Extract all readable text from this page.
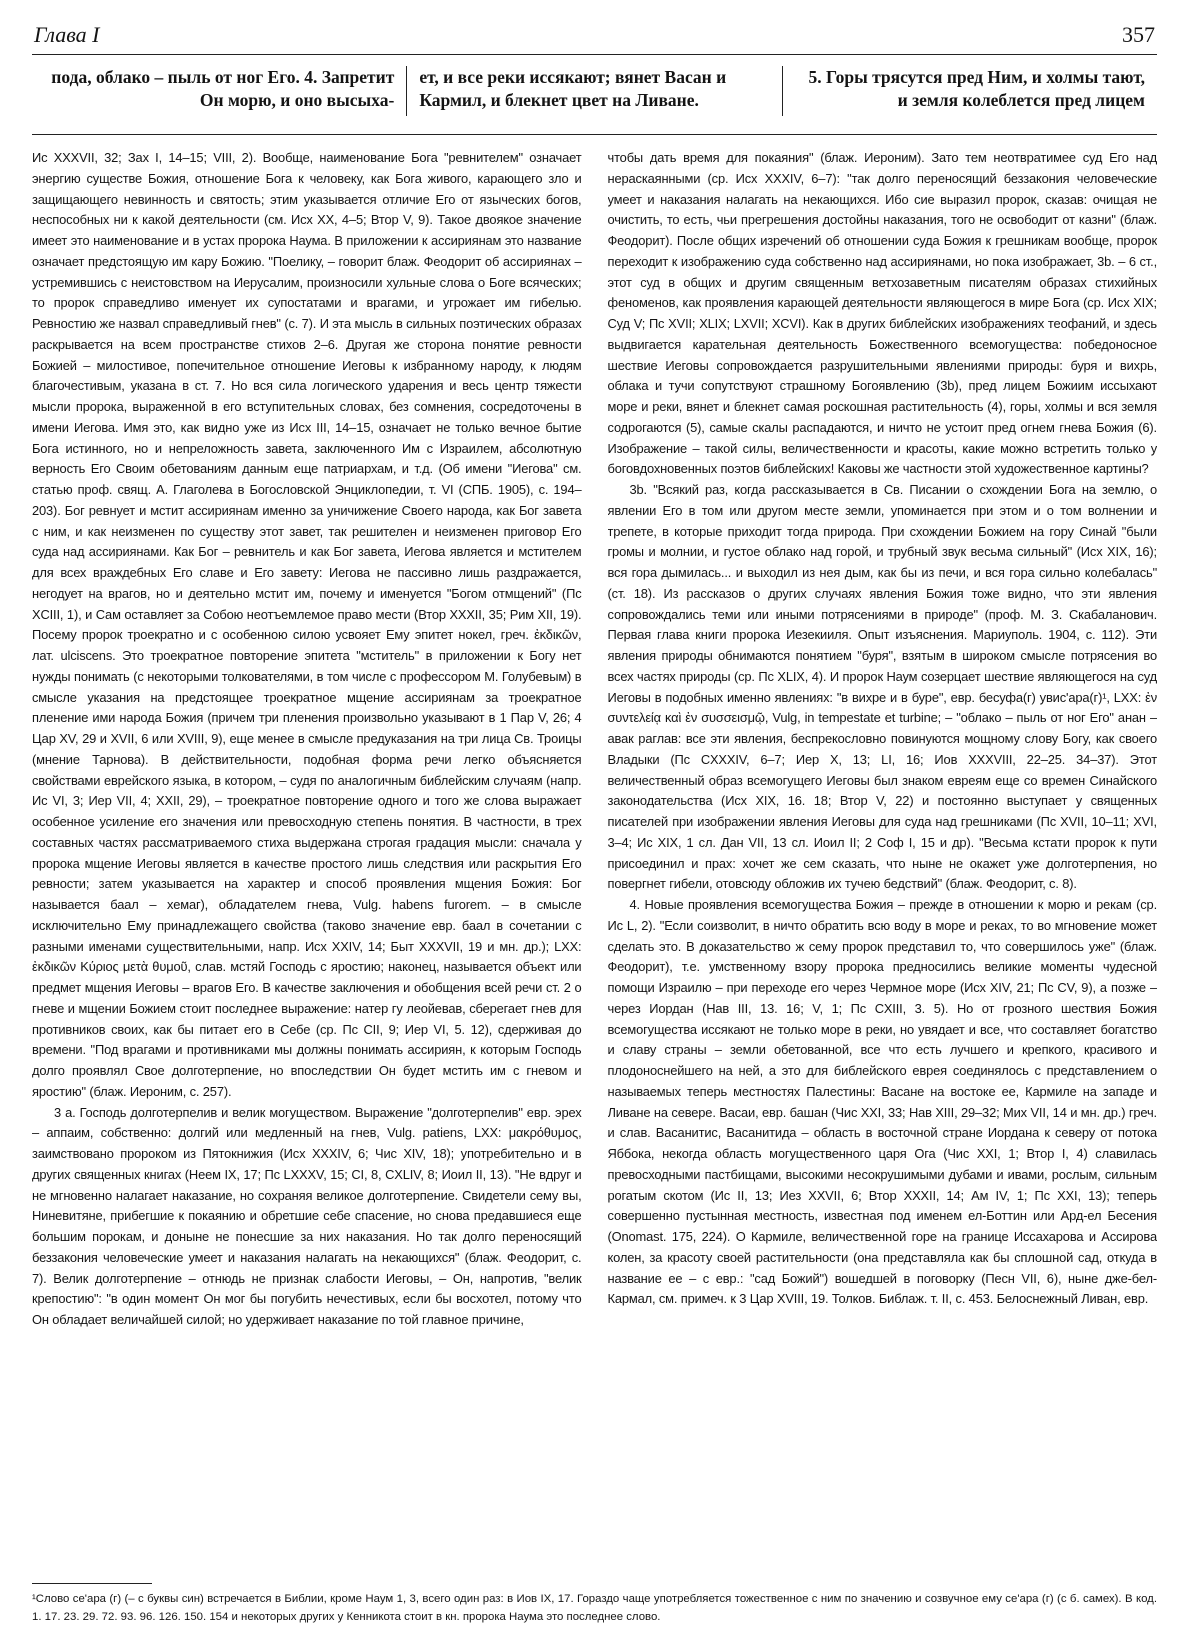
Глава I	357
пода, облако – пыль от ног Его. 4. Запретит Он морю, и оно высыха-
ет, и все реки иссякают; вянет Васан и Кармил, и блекнет цвет на Ливане.
5. Горы трясутся пред Ним, и холмы тают, и земля колеблется пред лицем

Ис XXXVII, 32; Зах I, 14–15; VIII, 2). Вообще, наименование Бога "ревнителем" означает энергию существе Божия, отношение Бога к человеку, как Бога живого, карающего зло и защищающего невинность и святость; этим указывается отличие Его от языческих богов, неспособных ни к какой деятельности (см. Исх XX, 4–5; Втор V, 9). Такое двоякое значение имеет это наименование и в устах пророка Наума. В приложении к ассириянам это название означает предстоящую им кару Божию. "Поелику, – говорит блаж. Феодорит об ассириянах – устремившись с неистовством на Иерусалим, произносили хульные слова о Боге всяческих; то пророк справедливо именует их супостатами и врагами, и угрожает им гибелью. Ревностию же назвал справедливый гнев" (с. 7). И эта мысль в сильных поэтических образах раскрывается на всем пространстве стихов 2–6. Другая же сторона понятие ревности Божией – милостивое, попечительное отношение Иеговы к избранному народу, к людям благочестивым, указана в ст. 7. Но вся сила логического ударения и весь центр тяжести мысли пророка, выраженной в его вступительных словах, без сомнения, сосредоточены в имени Иегова. Имя это, как видно уже из Исх III, 14–15, означает не только вечное бытие Бога истинного, но и непреложность завета, заключенного Им с Израилем, абсолютную верность Его Своим обетованиям данным еще патриархам, и т.д. (Об имени "Иегова" см. статью проф. свящ. А. Глаголева в Богословской Энциклопедии, т. VI (СПБ. 1905), с. 194–203). Бог ревнует и мстит ассириянам именно за уничижение Своего народа, как Бог завета с ним, и как неизменен по существу этот завет, так решителен и неизменен приговор Его суда над ассириянами. Как Бог – ревнитель и как Бог завета, Иегова является и мстителем для всех враждебных Его славе и Его завету: Иегова не пассивно лишь раздражается, негодует на врагов, но и деятельно мстит им, почему и именуется "Богом отмщений" (Пс XCIII, 1), и Сам оставляет за Собою неотъемлемое право мести (Втор XXXII, 35; Рим XII, 19). Посему пророк троекратно и с особенною силою усвояет Ему эпитет нокел, греч. ἐκδικῶν, лат. ulciscens. Это троекратное повторение эпитета "мститель" в приложении к Богу нет нужды понимать (с некоторыми толкователями, в том числе с профессором М. Голубевым) в смысле указания на предстоящее троекратное мщение ассириянам за троекратное пленение ими народа Божия (причем три пленения произвольно указывают в 1 Пар V, 26; 4 Цар XV, 29 и XVII, 6 или XVIII, 9), еще менее в смысле предуказания на три лица Св. Троицы (мнение Тарнова). В действительности, подобная форма речи легко объясняется свойствами еврейского языка, в котором, – судя по аналогичным библейским случаям (напр. Ис VI, 3; Иер VII, 4; XXII, 29), – троекратное повторение одного и того же слова выражает особенное усиление его значения или превосходную степень понятия. В частности, в трех составных частях рассматриваемого стиха выдержана строгая градация мысли: сначала у пророка мщение Иеговы является в качестве простого лишь следствия или раскрытия Его ревности; затем указывается на характер и способ проявления мщения Божия: Бог называется баал – хемаг), обладателем гнева, Vulg. habens furorem. – в смысле исключительно Ему принадлежащего свойства (таково значение евр. баал в сочетании с разными именами существительными, напр. Исх XXIV, 14; Быт XXXVII, 19 и мн. др.); LXX: ἐκδικῶν Κύριος μετὰ θυμοῦ, слав. мстяй Господь с яростию; наконец, называется объект или предмет мщения Иеговы – врагов Его. В качестве заключения и обобщения всей речи ст. 2 о гневе и мщении Божием стоит последнее выражение: натер гу леойевав, сберегает гнев для противников своих, как бы питает его в Себе (ср. Пс CII, 9; Иер VI, 5. 12), сдерживая до времени. "Под врагами и противниками мы должны понимать ассириян, к которым Господь долго проявлял Свое долготерпение, но впоследствии Он будет мстить им с гневом и яростию" (блаж. Иероним, с. 257).

3 а. Господь долготерпелив и велик могуществом. Выражение "долготерпелив" евр. эрех – аппаим, собственно: долгий или медленный на гнев, Vulg. patiens, LXX: μακρόθυμος, заимствовано пророком из Пятокнижия (Исх XXXIV, 6; Чис XIV, 18); употребительно и в других священных книгах (Неем IX, 17; Пс LXXXV, 15; CI, 8, CXLIV, 8; Иоил II, 13). "Не вдруг и не мгновенно налагает наказание, но сохраняя великое долготерпение. Свидетели сему вы, Ниневитяне, прибегшие к покаянию и обретшие себе спасение, но снова предавшиеся еще большим порокам, и доныне не понесшие за них наказания. Но так долго переносящий беззакония человеческие умеет и наказания налагать на некающихся" (блаж. Феодорит, с. 7). Велик долготерпение – отнюдь не признак слабости Иеговы, – Он, напротив, "велик крепостию": "в один момент Он мог бы погубить нечестивых, если бы восхотел, потому что Он обладает величайшей силой; но удерживает наказание по той главное причине,

чтобы дать время для покаяния" (блаж. Иероним). Зато тем неотвратимее суд Его над нераскаянными (ср. Исх XXXIV, 6–7): "так долго переносящий беззакония человеческие умеет и наказания налагать на некающихся. Ибо сие выразил пророк, сказав: очищая не очистить, то есть, чьи прегрешения достойны наказания, того не освободит от казни" (блаж. Феодорит). После общих изречений об отношении суда Божия к грешникам вообще, пророк переходит к изображению суда собственно над ассириянами, но пока изображает, 3b. – 6 ст., этот суд в общих и другим священным ветхозаветным писателям образах стихийных феноменов, как проявления карающей деятельности являющегося в мире Бога (ср. Исх XIX; Суд V; Пс XVII; XLIX; LXVII; XCVI). Как в других библейских изображениях теофаний, и здесь выдвигается карательная деятельность Божественного всемогущества: победоносное шествие Иеговы сопровождается разрушительными явлениями природы: буря и вихрь, облака и тучи сопутствуют страшному Богоявлению (3b), пред лицем Божиим иссыхают море и реки, вянет и блекнет самая роскошная растительность (4), горы, холмы и вся земля содрогаются (5), самые скалы распадаются, и ничто не устоит пред огнем гнева Божия (6). Изображение – такой силы, величественности и красоты, какие можно встретить только у боговдохновенных поэтов библейских! Каковы же частности этой художественное картины?

3b. "Всякий раз, когда рассказывается в Св. Писании о схождении Бога на землю, о явлении Его в том или другом месте земли, упоминается при этом и о том волнении и трепете, в которые приходит тогда природа. При схождении Божием на гору Синай "были громы и молнии, и густое облако над горой, и трубный звук весьма сильный" (Исх XIX, 16); вся гора дымилась... и выходил из нея дым, как бы из печи, и вся гора сильно колебалась" (ст. 18). Из рассказов о других случаях явления Божия тоже видно, что эти явления сопровождались теми или иными потрясениями в природе" (проф. М. З. Скабаланович. Первая глава книги пророка Иезекииля. Опыт изъяснения. Мариуполь. 1904, с. 112). Эти явления природы обнимаются понятием "буря", взятым в широком смысле потрясения во всех частях природы (ср. Пс XLIX, 4). И пророк Наум созерцает шествие являющегося на суд Иеговы в подобных именно явлениях: "в вихре и в буре", евр. бесуфа(г) увис'ара(г)¹, LXX: ἐν συντελείᾳ καὶ ἐν συσσεισμῷ, Vulg, in tempestate et turbine; – "облако – пыль от ног Его" анан – авак раглав: все эти явления, беспрекословно повинуются мощному слову Богу, как своего Владыки (Пс CXXXIV, 6–7; Иер X, 13; LI, 16; Иов XXXVIII, 22–25. 34–37). Этот величественный образ всемогущего Иеговы был знаком евреям еще со времен Синайского законодательства (Исх XIX, 16. 18; Втор V, 22) и постоянно выступает у священных писателей при изображении явления Иеговы для суда над грешниками (Пс XVII, 10–11; XVI, 3–4; Ис XIX, 1 сл. Дан VII, 13 сл. Иоил II; 2 Соф I, 15 и др). "Весьма кстати пророк к пути присоединил и прах: хочет же сем сказать, что ныне не окажет уже долготерпения, но повергнет гибели, отовсюду обложив их тучею бедствий" (блаж. Феодорит, с. 8).

4. Новые проявления всемогущества Божия – прежде в отношении к морю и рекам (ср. Ис L, 2). "Если соизволит, в ничто обратить всю воду в море и реках, то во мгновение может сделать это. В доказательство ж сему пророк представил то, что совершилось уже" (блаж. Феодорит), т.е. умственному взору пророка предносились великие моменты чудесной помощи Израилю – при переходе его через Чермное море (Исх XIV, 21; Пс CV, 9), а позже – через Иордан (Нав III, 13. 16; V, 1; Пс CXIII, 3. 5). Но от грозного шествия Божия всемогущества иссякают не только море в реки, но увядает и все, что составляет богатство и славу страны – земли обетованной, все что есть лучшего и крепкого, красивого и плодоноснейшего на ней, а это для библейского еврея соединялось с представлением о называемых теперь местностях Палестины: Васане на востоке ее, Кармиле на западе и Ливане на севере. Васаи, евр. башан (Чис XXI, 33; Нав XIII, 29–32; Мих VII, 14 и мн. др.) греч. и слав. Васанитис, Васанитида – область в восточной стране Иордана к северу от потока Яббока, некогда область могущественного царя Ога (Чис XXI, 1; Втор I, 4) славилась превосходными пастбищами, высокими несокрушимыми дубами и ивами, рослым, сильным рогатым скотом (Ис II, 13; Иез XXVII, 6; Втор XXXII, 14; Ам IV, 1; Пс XXI, 13); теперь совершенно пустынная местность, известная под именем ел-Боттин или Ард-ел Бесения (Onomast. 175, 224). О Кармиле, величественной горе на границе Иссахарова и Ассирова колен, за красоту своей растительности (она представляла как бы сплошной сад, откуда в название ее – с евр.: "сад Божий") вошедшей в поговорку (Песн VII, 6), ныне дже-бел-Кармал, см. примеч. к 3 Цар XVIII, 19. Толков. Библаж. т. II, с. 453. Белоснежный Ливан, евр.

¹Слово се'ара (г) (– с буквы син) встречается в Библии, кроме Наум 1, 3, всего один раз: в Иов IX, 17. Гораздо чаще употребляется тожественное с ним по значению и созвучное ему се'ара (г) (с б. самех). В код. 1. 17. 23. 29. 72. 93. 96. 126. 150. 154 и некоторых других у Кенникота стоит в кн. пророка Наума это последнее слово.
